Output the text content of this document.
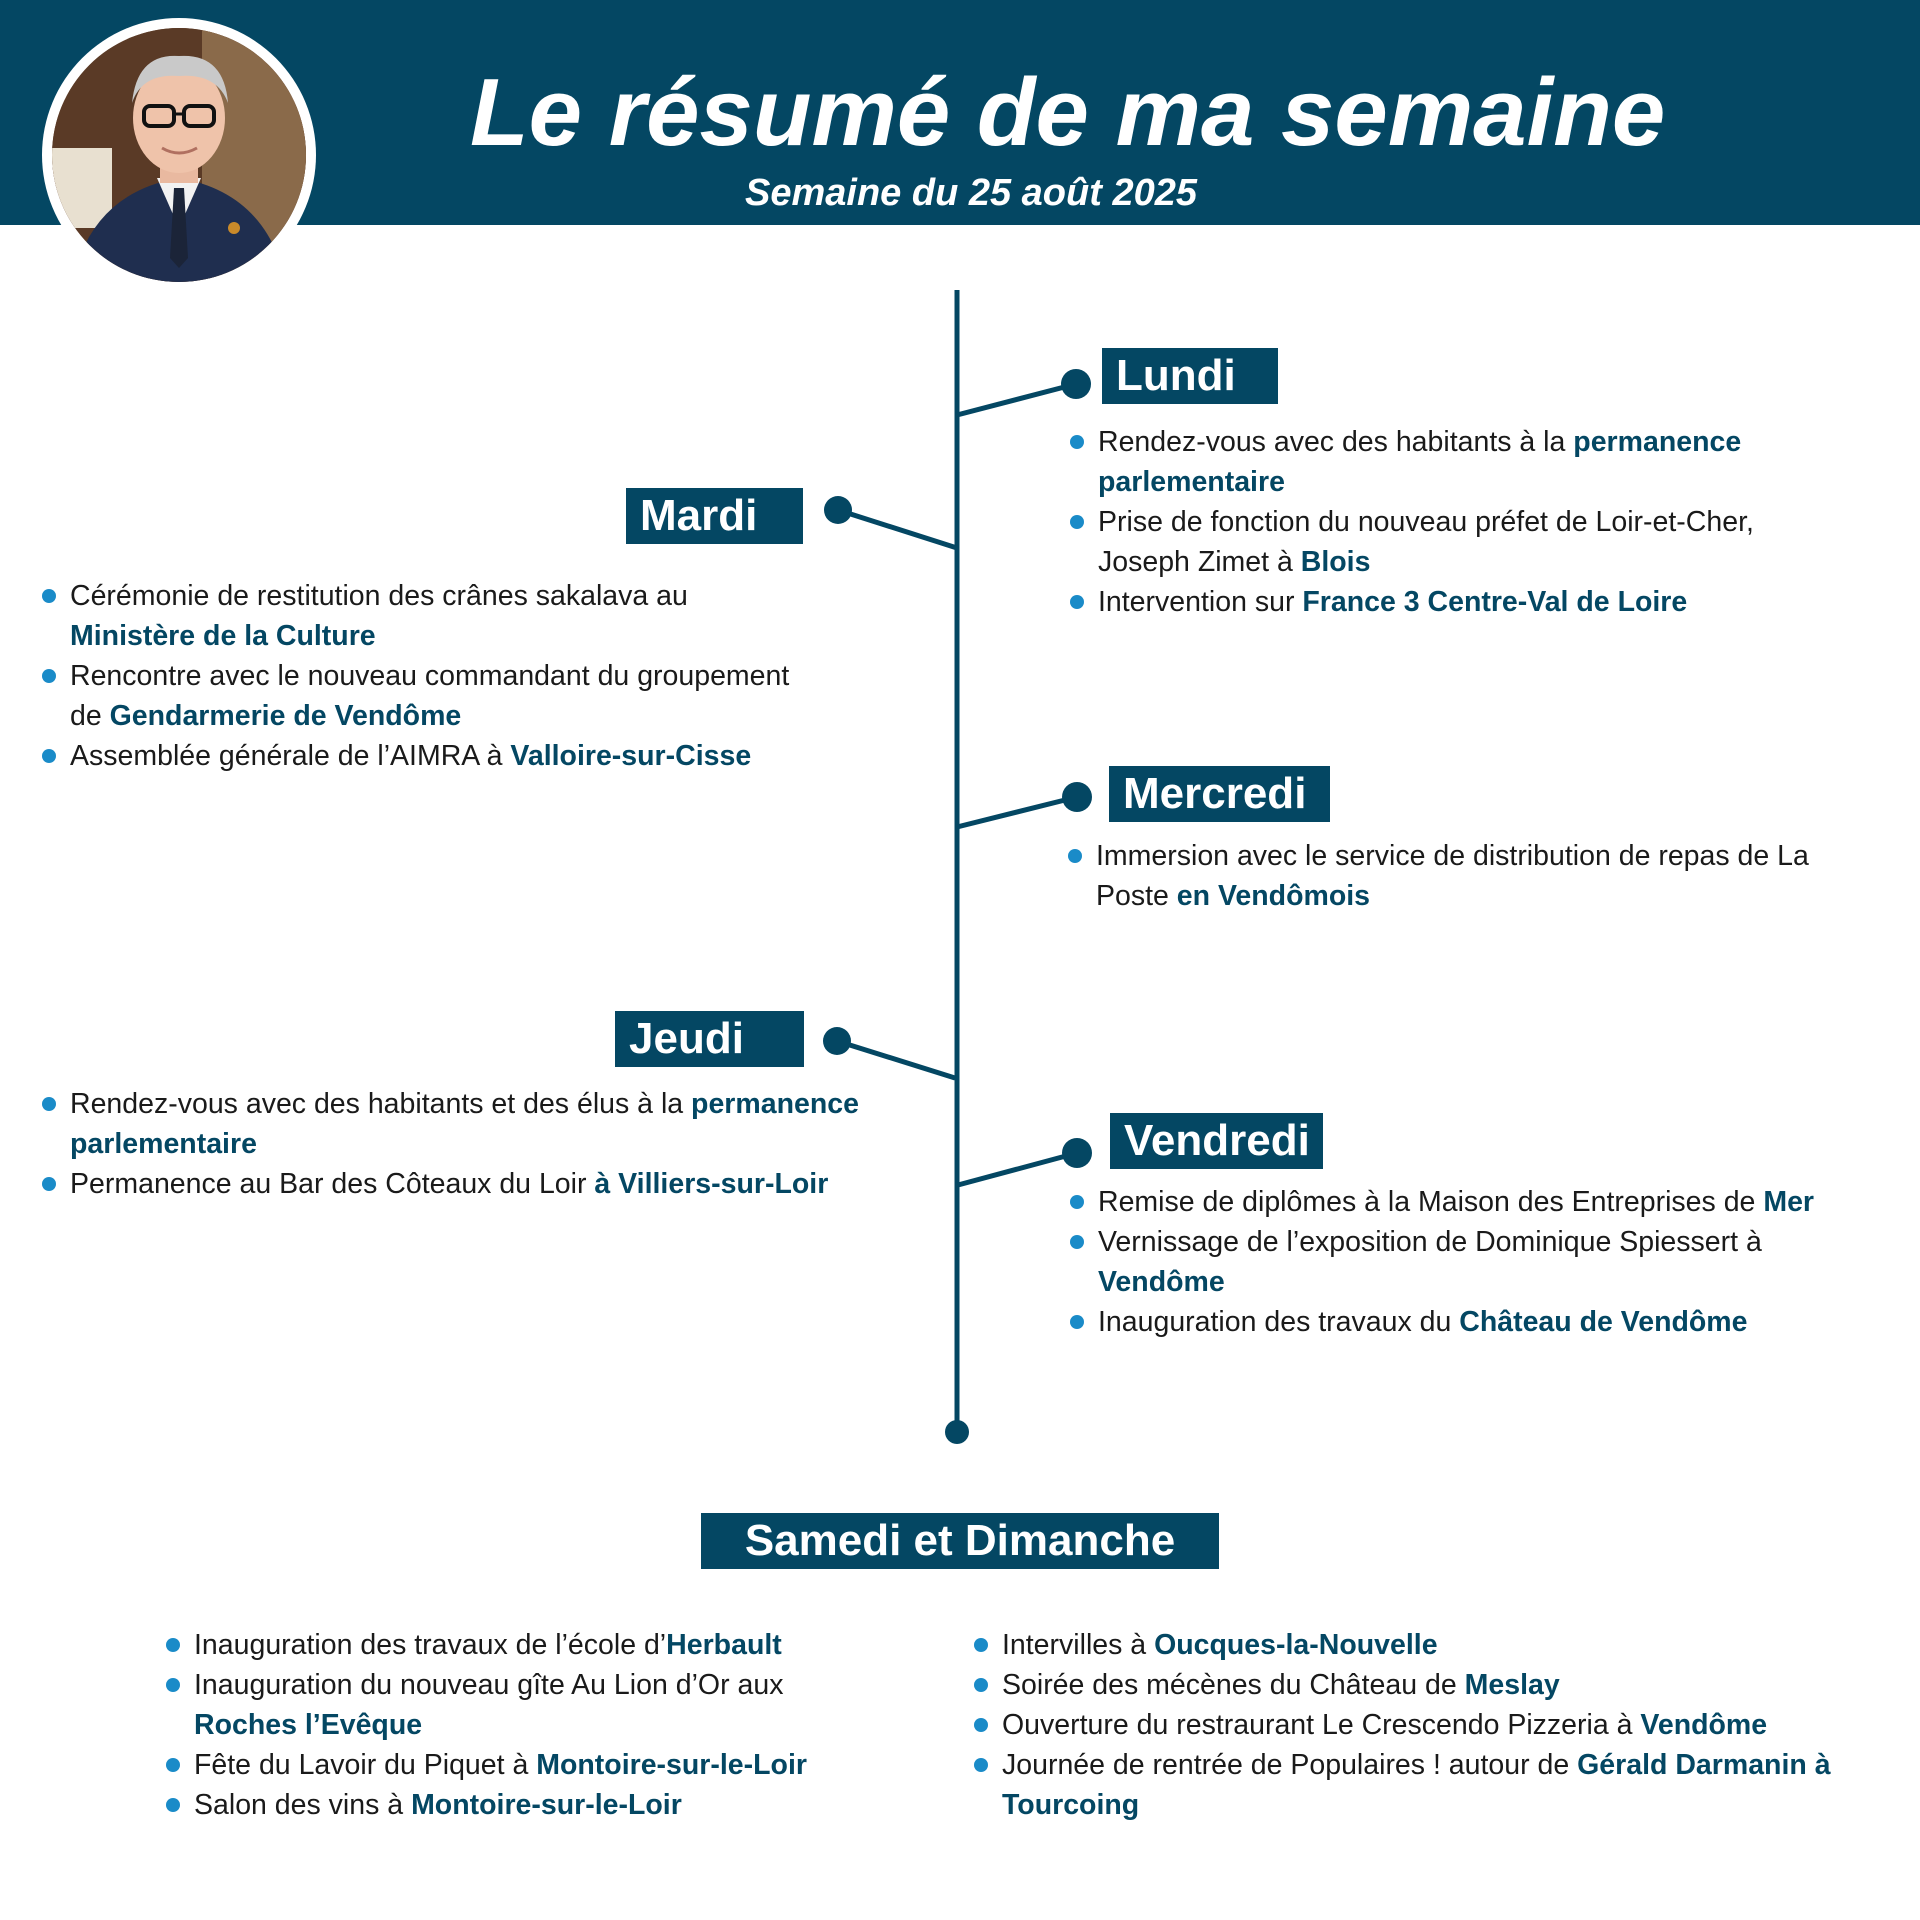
Le résumé de ma semaine
Semaine du 25 août 2025
Lundi
Rendez-vous avec des habitants à la permanence parlementaire
Prise de fonction du nouveau préfet de Loir-et-Cher, Joseph Zimet à Blois
Intervention sur France 3 Centre-Val de Loire
Mardi
Cérémonie de restitution des crânes sakalava au Ministère de la Culture
Rencontre avec le nouveau commandant du groupement de Gendarmerie de Vendôme
Assemblée générale de l’AIMRA à Valloire-sur-Cisse
Mercredi
Immersion avec le service de distribution de repas de La Poste en Vendômois
Jeudi
Rendez-vous avec des habitants et des élus à la permanence parlementaire
Permanence au Bar des Côteaux du Loir à Villiers-sur-Loir
Vendredi
Remise de diplômes à la Maison des Entreprises de Mer
Vernissage de l’exposition de Dominique Spiessert à Vendôme
Inauguration des travaux du Château de Vendôme
Samedi et Dimanche
Inauguration des travaux de l’école d’Herbault
Inauguration du nouveau gîte Au Lion d’Or aux Roches l’Evêque
Fête du Lavoir du Piquet à Montoire-sur-le-Loir
Salon des vins à Montoire-sur-le-Loir
Intervilles à Oucques-la-Nouvelle
Soirée des mécènes du Château de Meslay
Ouverture du restraurant Le Crescendo Pizzeria à Vendôme
Journée de rentrée de Populaires ! autour de Gérald Darmanin à Tourcoing
